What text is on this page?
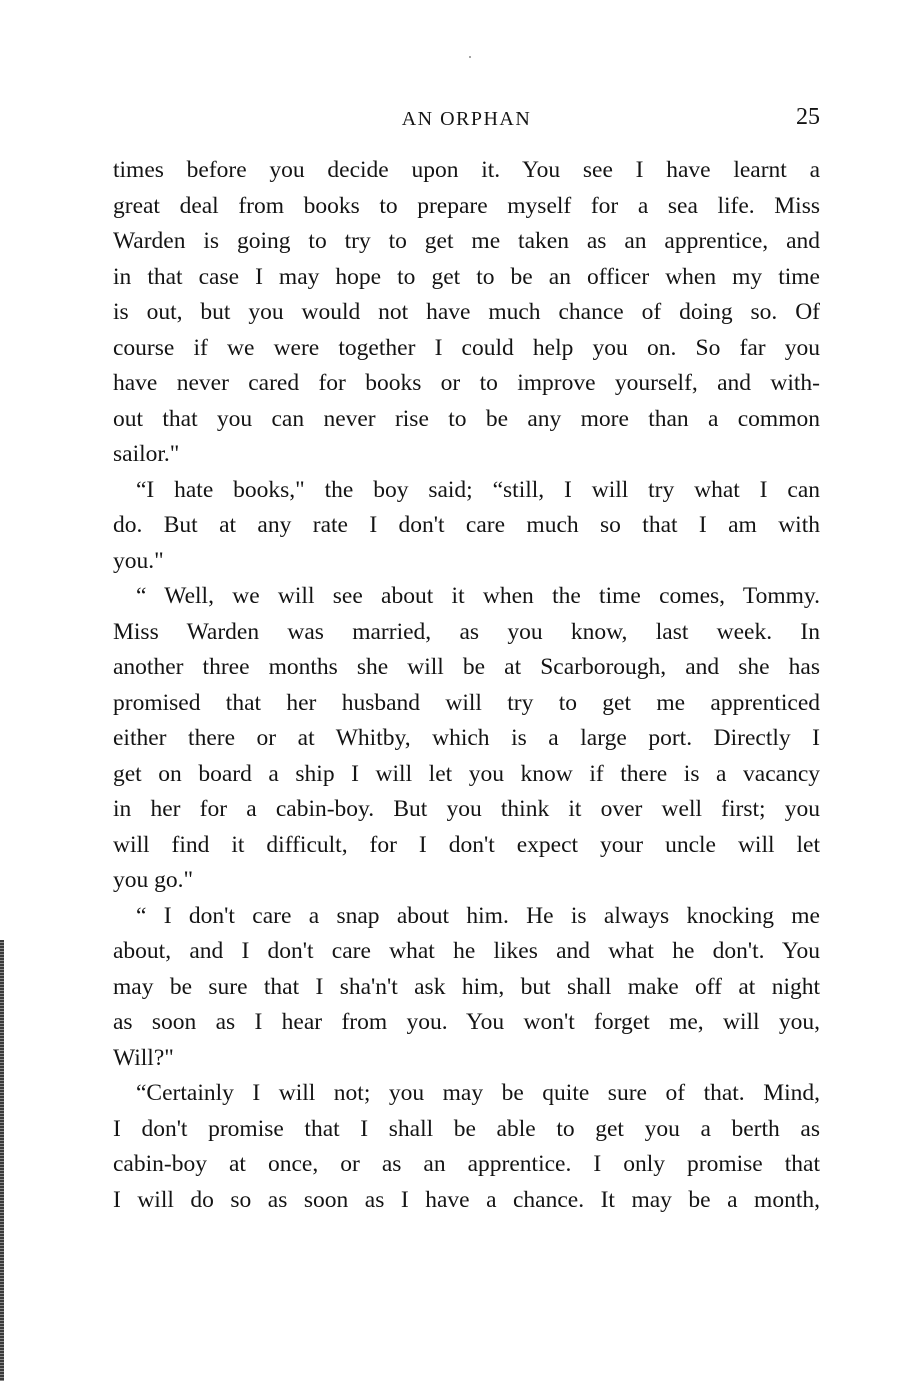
AN ORPHAN	25
times before you decide upon it. You see I have learnt a
great deal from books to prepare myself for a sea life. Miss
Warden is going to try to get me taken as an apprentice, and
in that case I may hope to get to be an officer when my time
is out, but you would not have much chance of doing so. Of
course if we were together I could help you on. So far you
have never cared for books or to improve yourself, and with-
out that you can never rise to be any more than a common
sailor."
“I hate books," the boy said; “still, I will try what I can
do. But at any rate I don't care much so that I am with
you."
“ Well, we will see about it when the time comes, Tommy.
Miss Warden was married, as you know, last week. In
another three months she will be at Scarborough, and she has
promised that her husband will try to get me apprenticed
either there or at Whitby, which is a large port. Directly I
get on board a ship I will let you know if there is a vacancy
in her for a cabin-boy. But you think it over well first; you
will find it difficult, for I don't expect your uncle will let
you go."
“ I don't care a snap about him. He is always knocking me
about, and I don't care what he likes and what he don't. You
may be sure that I sha'n't ask him, but shall make off at night
as soon as I hear from you. You won't forget me, will you,
Will?"
“Certainly I will not; you may be quite sure of that. Mind,
I don't promise that I shall be able to get you a berth as
cabin-boy at once, or as an apprentice. I only promise that
I will do so as soon as I have a chance. It may be a month,
